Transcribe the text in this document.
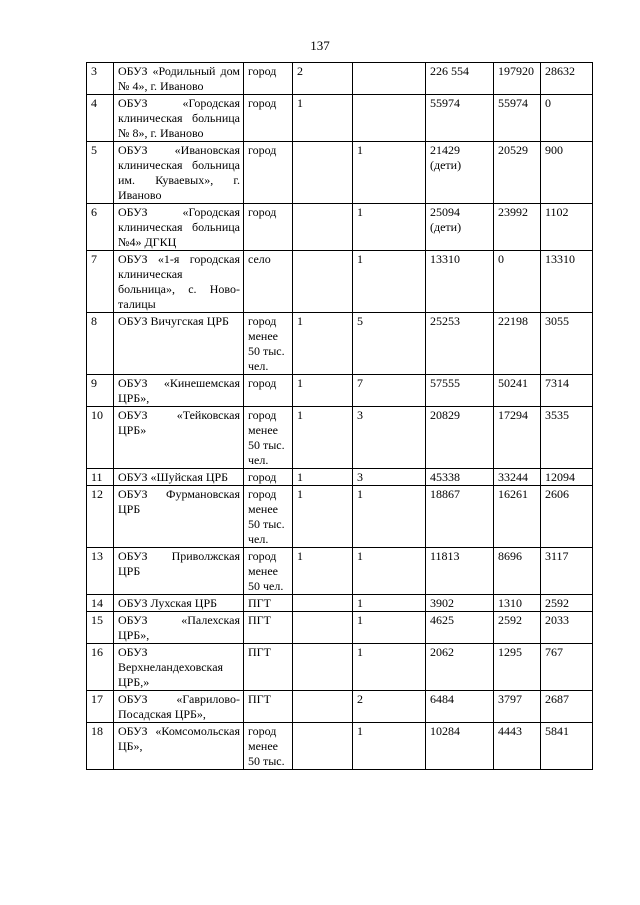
137
3	ОБУЗ «Родильный дом № 4», г. Иваново	город	2		226 554	197920	28632
4	ОБУЗ «Городская клиническая больница № 8», г. Иваново	город	1		55974	55974	0
5	ОБУЗ «Ивановская клиническая больница им. Куваевых», г. Иваново	город		1	21429 (дети)	20529	900
6	ОБУЗ «Городская клиническая больница №4» ДГКЦ	город		1	25094 (дети)	23992	1102
7	ОБУЗ «1-я городская клиническая больница», с. Ново-талицы	село		1	13310	0	13310
8	ОБУЗ Вичугская ЦРБ	город менее 50 тыс. чел.	1	5	25253	22198	3055
9	ОБУЗ «Кинешемская ЦРБ»,	город	1	7	57555	50241	7314
10	ОБУЗ «Тейковская ЦРБ»	город менее 50 тыс. чел.	1	3	20829	17294	3535
11	ОБУЗ «Шуйская ЦРБ	город	1	3	45338	33244	12094
12	ОБУЗ Фурмановская ЦРБ	город менее 50 тыс. чел.	1	1	18867	16261	2606
13	ОБУЗ Приволжская ЦРБ	город менее 50 чел.	1	1	11813	8696	3117
14	ОБУЗ Лухская ЦРБ	ПГТ		1	3902	1310	2592
15	ОБУЗ «Палехская ЦРБ»,	ПГТ		1	4625	2592	2033
16	ОБУЗ Верхнеландеховская ЦРБ,»	ПГТ		1	2062	1295	767
17	ОБУЗ «Гаврилово-Посадская ЦРБ»,	ПГТ		2	6484	3797	2687
18	ОБУЗ «Комсомольская ЦБ»,	город менее 50 тыс.		1	10284	4443	5841
